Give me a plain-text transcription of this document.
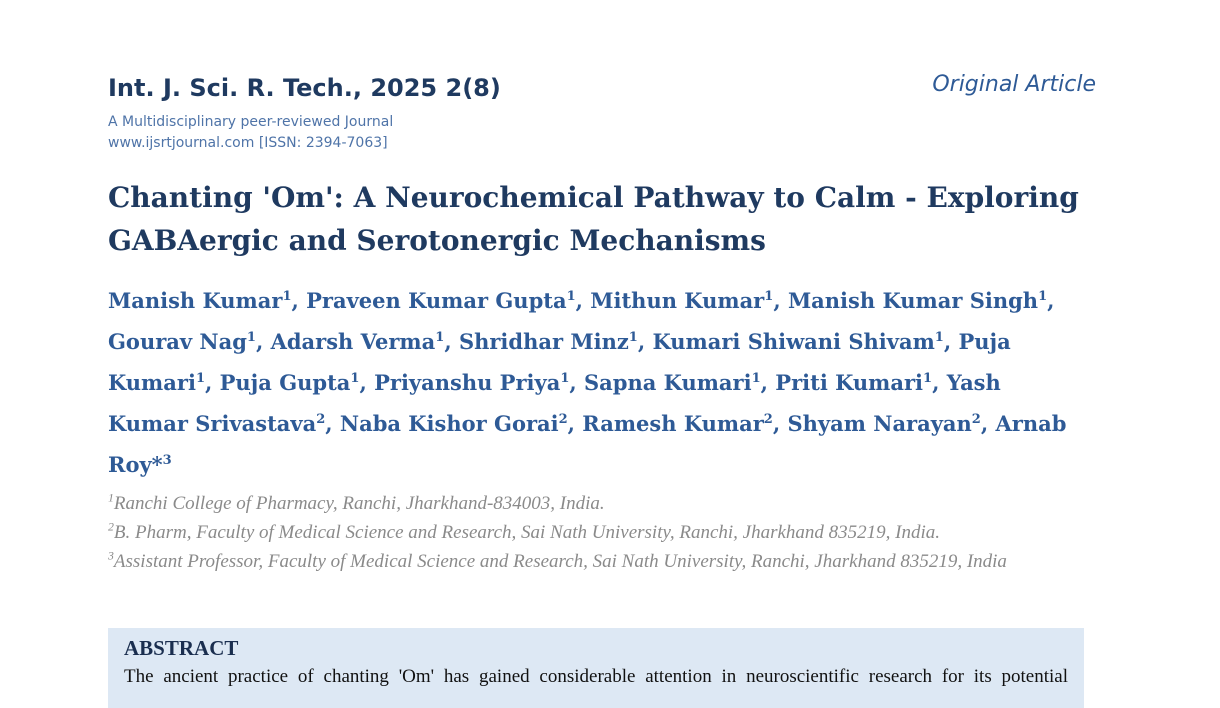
Int. J. Sci. R. Tech., 2025 2(8)	Original Article
A Multidisciplinary peer-reviewed Journal
www.ijsrtjournal.com [ISSN: 2394-7063]
Chanting 'Om': A Neurochemical Pathway to Calm - Exploring GABAergic and Serotonergic Mechanisms
Manish Kumar$^1$, Praveen Kumar Gupta$^1$, Mithun Kumar$^1$, Manish Kumar Singh$^1$, Gourav Nag$^1$, Adarsh Verma$^1$, Shridhar Minz$^1$, Kumari Shiwani Shivam$^1$, Puja Kumari$^1$, Puja Gupta$^1$, Priyanshu Priya$^1$, Sapna Kumari$^1$, Priti Kumari$^1$, Yash Kumar Srivastava$^2$, Naba Kishor Gorai$^2$, Ramesh Kumar$^2$, Shyam Narayan$^2$, Arnab Roy*$^3$
$^1$Ranchi College of Pharmacy, Ranchi, Jharkhand-834003, India.
$^2$B. Pharm, Faculty of Medical Science and Research, Sai Nath University, Ranchi, Jharkhand 835219, India.
$^3$Assistant Professor, Faculty of Medical Science and Research, Sai Nath University, Ranchi, Jharkhand 835219, India
ABSTRACT
The ancient practice of chanting 'Om' has gained considerable attention in neuroscientific research for its potential
